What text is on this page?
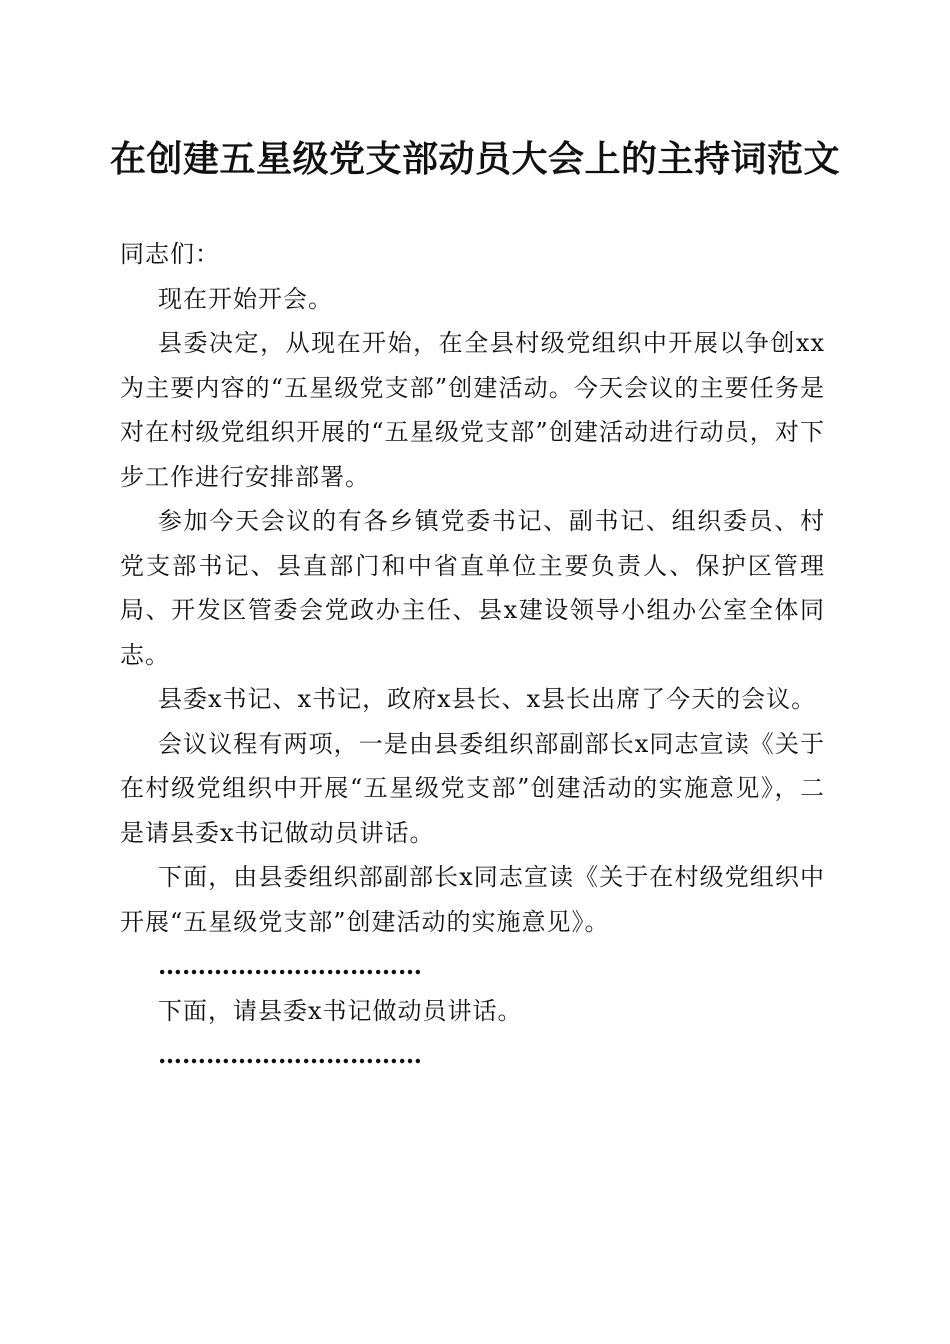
在创建五星级党支部动员大会上的主持词范文

同志们：

现在开始开会。

县委决定，从现在开始，在全县村级党组织中开展以争创xx为主要内容的“五星级党支部”创建活动。今天会议的主要任务是对在村级党组织开展的“五星级党支部”创建活动进行动员，对下步工作进行安排部署。

参加今天会议的有各乡镇党委书记、副书记、组织委员、村党支部书记、县直部门和中省直单位主要负责人、保护区管理局、开发区管委会党政办主任、县x建设领导小组办公室全体同志。

县委x书记、x书记，政府x县长、x县长出席了今天的会议。

会议议程有两项，一是由县委组织部副部长x同志宣读《关于在村级党组织中开展“五星级党支部”创建活动的实施意见》，二是请县委x书记做动员讲话。

下面，由县委组织部副部长x同志宣读《关于在村级党组织中开展“五星级党支部”创建活动的实施意见》。

……………………………

下面，请县委x书记做动员讲话。

……………………………
